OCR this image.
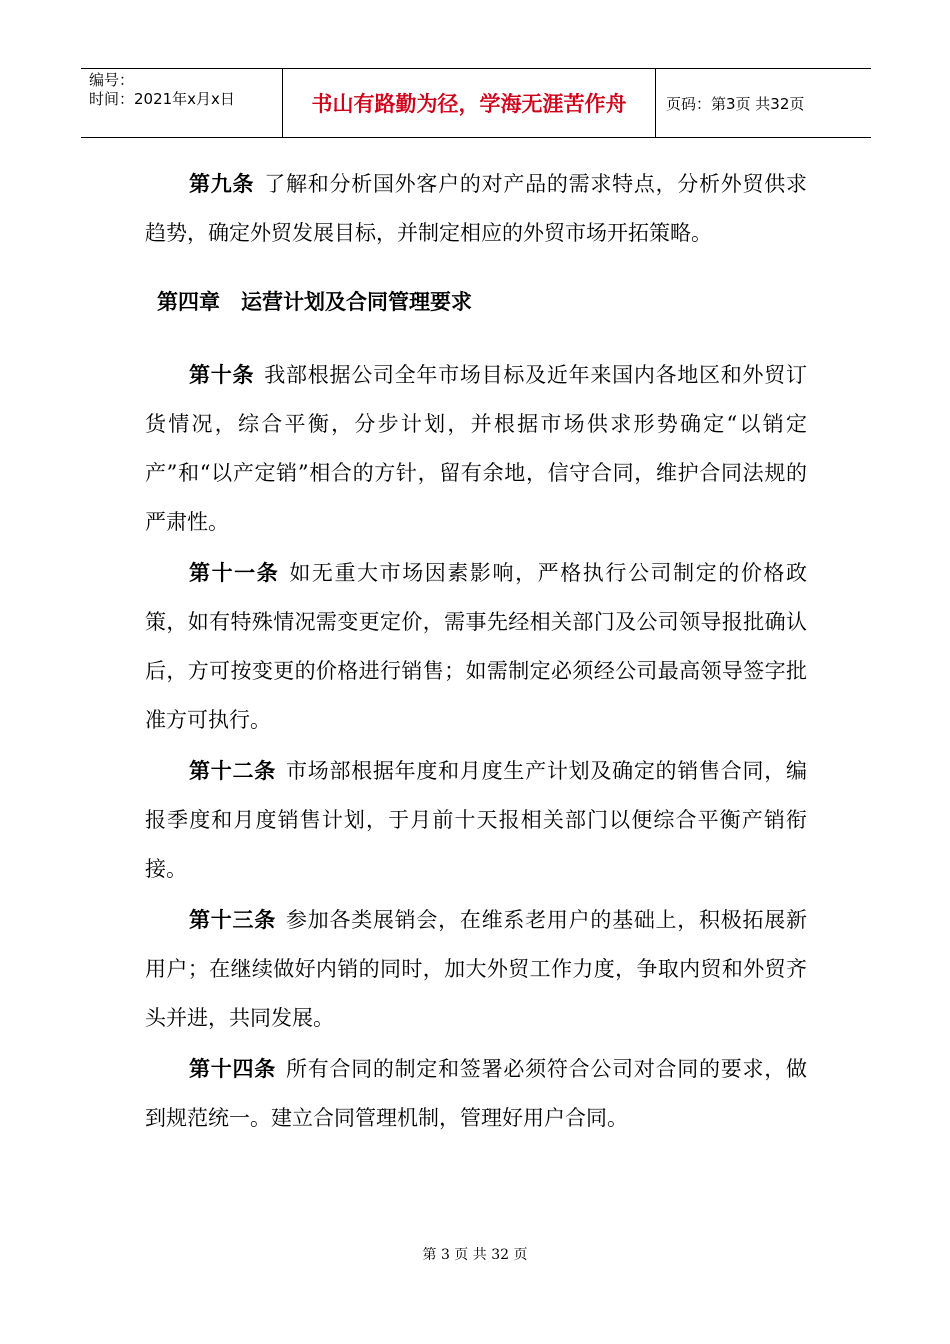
编号：
时间：2021年x月x日	书山有路勤为径，学海无涯苦作舟	页码：第3页 共32页

第九条 了解和分析国外客户的对产品的需求特点，分析外贸供求趋势，确定外贸发展目标，并制定相应的外贸市场开拓策略。

第四章　运营计划及合同管理要求

第十条 我部根据公司全年市场目标及近年来国内各地区和外贸订货情况，综合平衡，分步计划，并根据市场供求形势确定“以销定产”和“以产定销”相合的方针，留有余地，信守合同，维护合同法规的严肃性。

第十一条 如无重大市场因素影响，严格执行公司制定的价格政策，如有特殊情况需变更定价，需事先经相关部门及公司领导报批确认后，方可按变更的价格进行销售；如需制定必须经公司最高领导签字批准方可执行。

第十二条 市场部根据年度和月度生产计划及确定的销售合同，编报季度和月度销售计划，于月前十天报相关部门以便综合平衡产销衔接。

第十三条 参加各类展销会，在维系老用户的基础上，积极拓展新用户；在继续做好内销的同时，加大外贸工作力度，争取内贸和外贸齐头并进，共同发展。

第十四条 所有合同的制定和签署必须符合公司对合同的要求，做到规范统一。建立合同管理机制，管理好用户合同。

第 3 页 共 32 页
